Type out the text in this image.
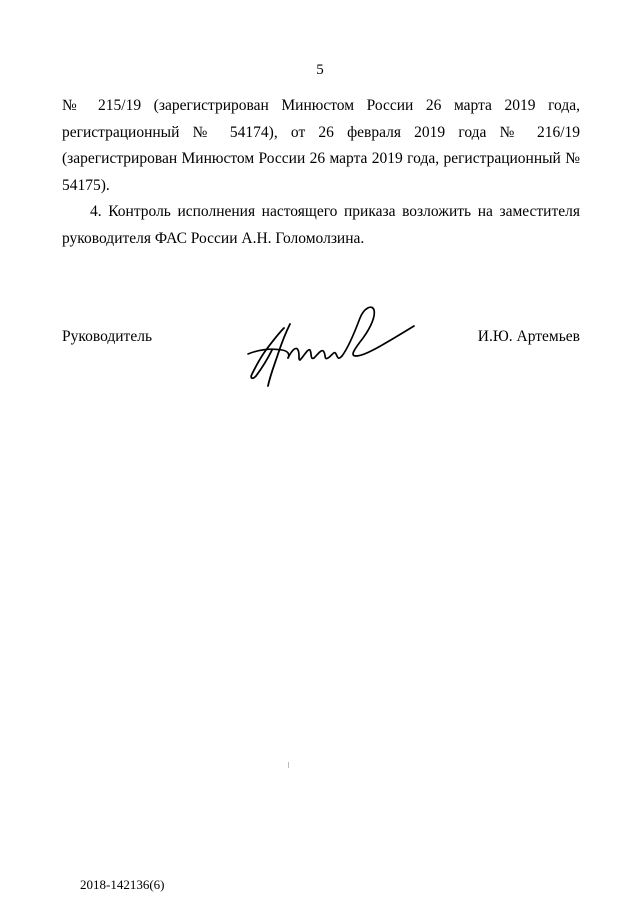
5

№ 215/19 (зарегистрирован Минюстом России 26 марта 2019 года, регистрационный № 54174), от 26 февраля 2019 года № 216/19 (зарегистрирован Минюстом России 26 марта 2019 года, регистрационный № 54175).

4. Контроль исполнения настоящего приказа возложить на заместителя руководителя ФАС России А.Н. Голомолзина.

Руководитель	И.Ю. Артемьев
2018-142136(6)
